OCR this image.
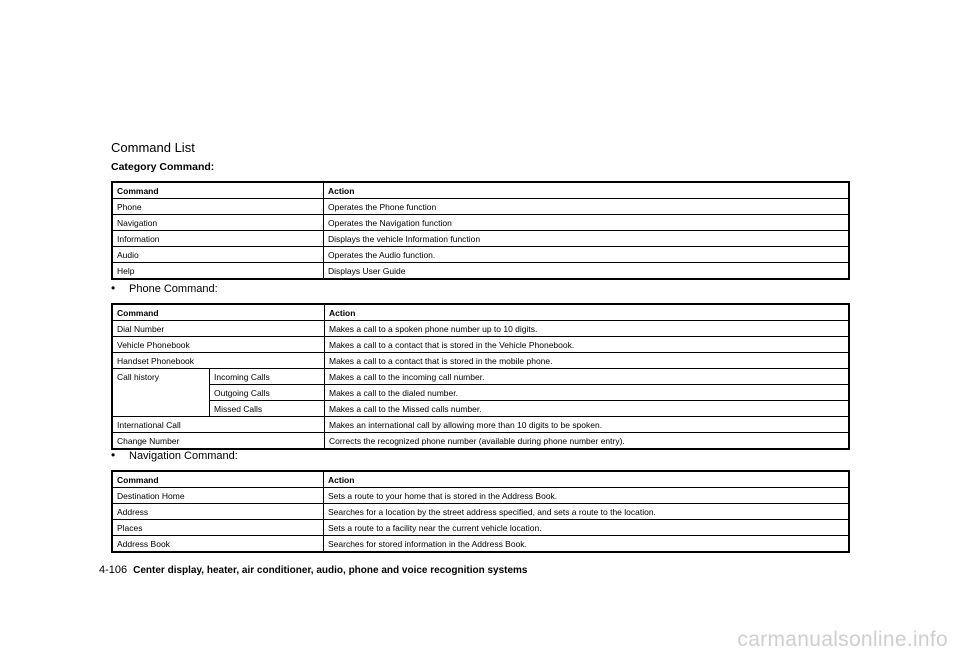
Command List
Category Command:
Command	Action
Phone	Operates the Phone function
Navigation	Operates the Navigation function
Information	Displays the vehicle Information function
Audio	Operates the Audio function.
Help	Displays User Guide
• Phone Command:
Command		Action
Dial Number		Makes a call to a spoken phone number up to 10 digits.
Vehicle Phonebook		Makes a call to a contact that is stored in the Vehicle Phonebook.
Handset Phonebook		Makes a call to a contact that is stored in the mobile phone.
Call history	Incoming Calls	Makes a call to the incoming call number.
	Outgoing Calls	Makes a call to the dialed number.
	Missed Calls	Makes a call to the Missed calls number.
International Call		Makes an international call by allowing more than 10 digits to be spoken.
Change Number		Corrects the recognized phone number (available during phone number entry).
• Navigation Command:
Command	Action
Destination Home	Sets a route to your home that is stored in the Address Book.
Address	Searches for a location by the street address specified, and sets a route to the location.
Places	Sets a route to a facility near the current vehicle location.
Address Book	Searches for stored information in the Address Book.
4-106 Center display, heater, air conditioner, audio, phone and voice recognition systems
carmanualsonline.info
